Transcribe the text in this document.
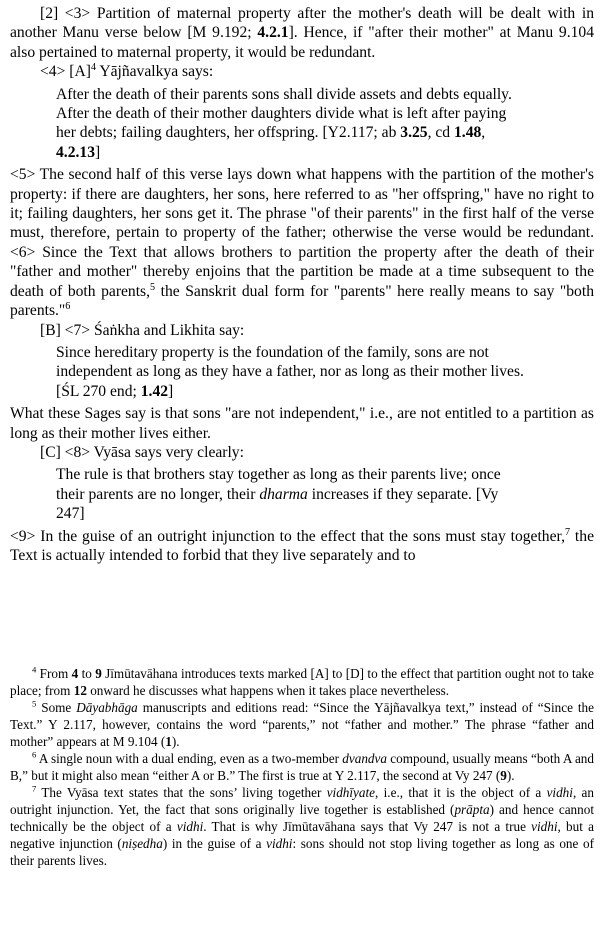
[2] <3> Partition of maternal property after the mother's death will be dealt with in another Manu verse below [M 9.192; 4.2.1]. Hence, if "after their mother" at Manu 9.104 also pertained to maternal property, it would be redundant.

$<4> [A]^4$ Yājñavalkya says:

After the death of their parents sons shall divide assets and debts equally. After the death of their mother daughters divide what is left after paying her debts; failing daughters, her offspring. [Y2.117; ab 3.25, cd 1.48, 4.2.13]

<5> The second half of this verse lays down what happens with the partition of the mother's property: if there are daughters, her sons, here referred to as "her offspring," have no right to it; failing daughters, her sons get it. The phrase "of their parents" in the first half of the verse must, therefore, pertain to property of the father; otherwise the verse would be redundant. <6> Since the Text that allows brothers to partition the property after the death of their "father and mother" thereby enjoins that the partition be made at a time subsequent to the death of both parents,$^5$ the Sanskrit dual form for "parents" here really means to say "both parents."$^6$

[B] <7> Śaṅkha and Likhita say:

Since hereditary property is the foundation of the family, sons are not independent as long as they have a father, nor as long as their mother lives. [ŚL 270 end; 1.42]

What these Sages say is that sons "are not independent," i.e., are not entitled to a partition as long as their mother lives either.

[C] <8> Vyāsa says very clearly:

The rule is that brothers stay together as long as their parents live; once their parents are no longer, their dharma increases if they separate. [Vy 247]

<9> In the guise of an outright injunction to the effect that the sons must stay together,$^7$ the Text is actually intended to forbid that they live separately and to

$^4$ From 4 to 9 Jīmūtavāhana introduces texts marked [A] to [D] to the effect that partition ought not to take place; from 12 onward he discusses what happens when it takes place nevertheless.

$^5$ Some Dāyabhāga manuscripts and editions read: “Since the Yājñavalkya text,” instead of “Since the Text.” Y 2.117, however, contains the word “parents,” not “father and mother.” The phrase “father and mother” appears at M 9.104 (1).

$^6$ A single noun with a dual ending, even as a two-member dvandva compound, usually means “both A and B,” but it might also mean “either A or B.” The first is true at Y 2.117, the second at Vy 247 (9).

$^7$ The Vyāsa text states that the sons’ living together vidhīyate, i.e., that it is the object of a vidhi, an outright injunction. Yet, the fact that sons originally live together is established (prāpta) and hence cannot technically be the object of a vidhi. That is why Jīmūtavāhana says that Vy 247 is not a true vidhi, but a negative injunction (niṣedha) in the guise of a vidhi: sons should not stop living together as long as one of their parents lives.
